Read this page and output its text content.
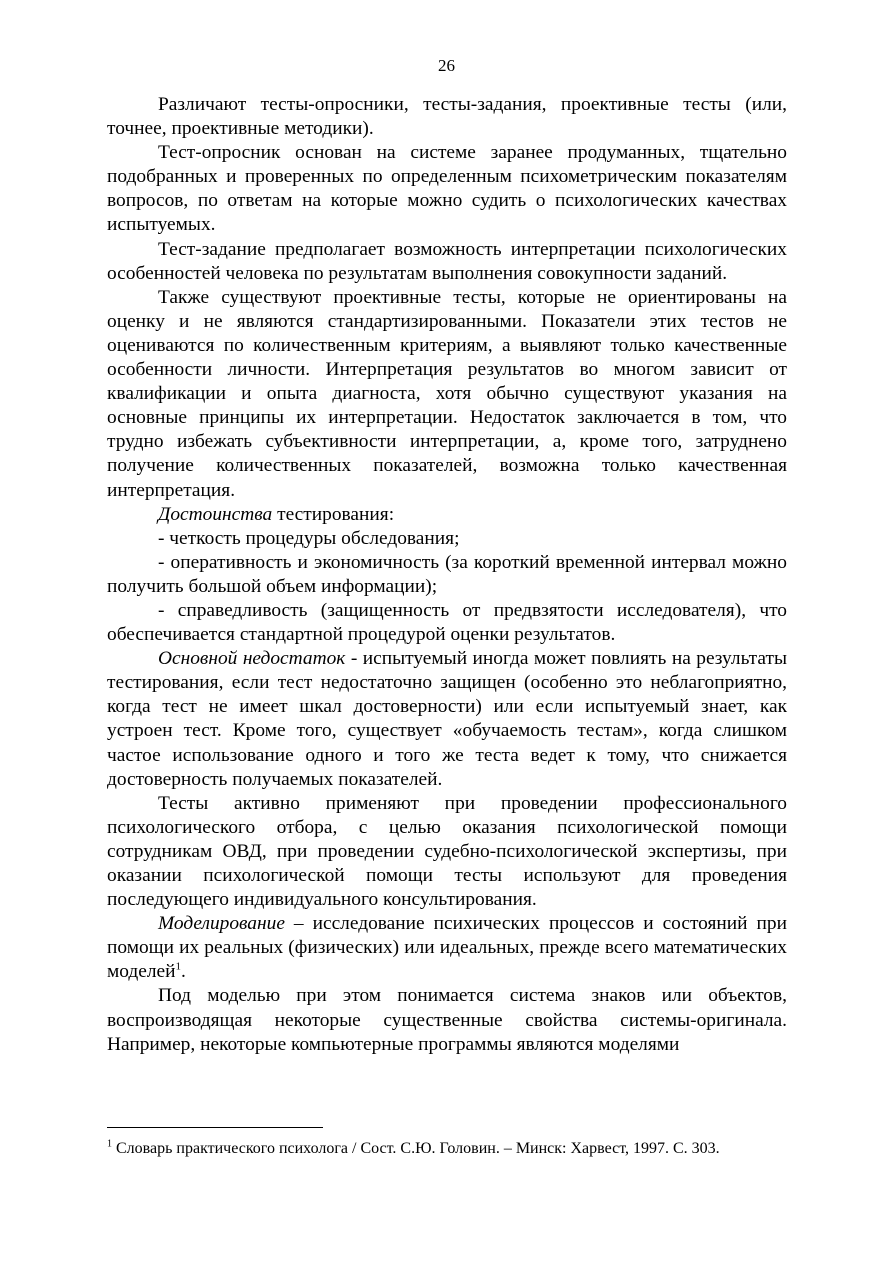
26

Различают тесты-опросники, тесты-задания, проективные тесты (или, точнее, проективные методики).

Тест-опросник основан на системе заранее продуманных, тщательно подобранных и проверенных по определенным психометрическим показателям вопросов, по ответам на которые можно судить о психологических качествах испытуемых.

Тест-задание предполагает возможность интерпретации психологических особенностей человека по результатам выполнения совокупности заданий.

Также существуют проективные тесты, которые не ориентированы на оценку и не являются стандартизированными. Показатели этих тестов не оцениваются по количественным критериям, а выявляют только качественные особенности личности. Интерпретация результатов во многом зависит от квалификации и опыта диагноста, хотя обычно существуют указания на основные принципы их интерпретации. Недостаток заключается в том, что трудно избежать субъективности интерпретации, а, кроме того, затруднено получение количественных показателей, возможна только качественная интерпретация.

Достоинства тестирования:

- четкость процедуры обследования;

- оперативность и экономичность (за короткий временной интервал можно получить большой объем информации);

- справедливость (защищенность от предвзятости исследователя), что обеспечивается стандартной процедурой оценки результатов.

Основной недостаток - испытуемый иногда может повлиять на результаты тестирования, если тест недостаточно защищен (особенно это неблагоприятно, когда тест не имеет шкал достоверности) или если испытуемый знает, как устроен тест. Кроме того, существует «обучаемость тестам», когда слишком частое использование одного и того же теста ведет к тому, что снижается достоверность получаемых показателей.

Тесты активно применяют при проведении профессионального психологического отбора, с целью оказания психологической помощи сотрудникам ОВД, при проведении судебно-психологической экспертизы, при оказании психологической помощи тесты используют для проведения последующего индивидуального консультирования.

Моделирование – исследование психических процессов и состояний при помощи их реальных (физических) или идеальных, прежде всего математических моделей$^1$.

Под моделью при этом понимается система знаков или объектов, воспроизводящая некоторые существенные свойства системы-оригинала. Например, некоторые компьютерные программы являются моделями

$^1$ Словарь практического психолога / Сост. С.Ю. Головин. – Минск: Харвест, 1997. С. 303.
